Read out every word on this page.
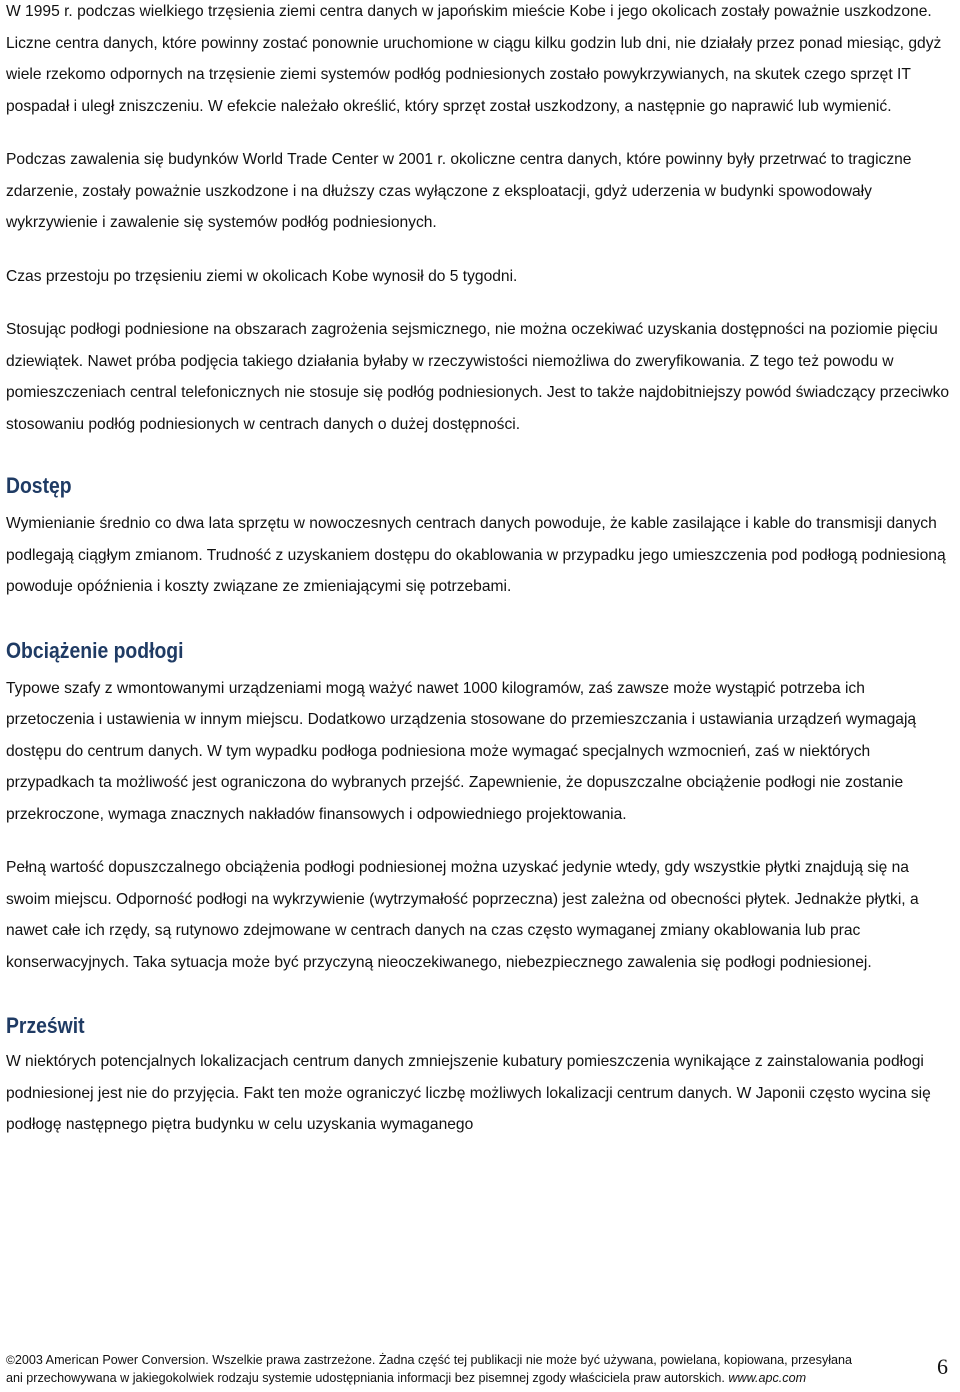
W 1995 r. podczas wielkiego trzęsienia ziemi centra danych w japońskim mieście Kobe i jego okolicach zostały poważnie uszkodzone. Liczne centra danych, które powinny zostać ponownie uruchomione w ciągu kilku godzin lub dni, nie działały przez ponad miesiąc, gdyż wiele rzekomo odpornych na trzęsienie ziemi systemów podłóg podniesionych zostało powykrzywianych, na skutek czego sprzęt IT pospadał i uległ zniszczeniu. W efekcie należało określić, który sprzęt został uszkodzony, a następnie go naprawić lub wymienić.

Podczas zawalenia się budynków World Trade Center w 2001 r. okoliczne centra danych, które powinny były przetrwać to tragiczne zdarzenie, zostały poważnie uszkodzone i na dłuższy czas wyłączone z eksploatacji, gdyż uderzenia w budynki spowodowały wykrzywienie i zawalenie się systemów podłóg podniesionych.

Czas przestoju po trzęsieniu ziemi w okolicach Kobe wynosił do 5 tygodni.

Stosując podłogi podniesione na obszarach zagrożenia sejsmicznego, nie można oczekiwać uzyskania dostępności na poziomie pięciu dziewiątek. Nawet próba podjęcia takiego działania byłaby w rzeczywistości niemożliwa do zweryfikowania. Z tego też powodu w pomieszczeniach central telefonicznych nie stosuje się podłóg podniesionych. Jest to także najdobitniejszy powód świadczący przeciwko stosowaniu podłóg podniesionych w centrach danych o dużej dostępności.

Dostęp

Wymienianie średnio co dwa lata sprzętu w nowoczesnych centrach danych powoduje, że kable zasilające i kable do transmisji danych podlegają ciągłym zmianom. Trudność z uzyskaniem dostępu do okablowania w przypadku jego umieszczenia pod podłogą podniesioną powoduje opóźnienia i koszty związane ze zmieniającymi się potrzebami.

Obciążenie podłogi

Typowe szafy z wmontowanymi urządzeniami mogą ważyć nawet 1000 kilogramów, zaś zawsze może wystąpić potrzeba ich przetoczenia i ustawienia w innym miejscu. Dodatkowo urządzenia stosowane do przemieszczania i ustawiania urządzeń wymagają dostępu do centrum danych. W tym wypadku podłoga podniesiona może wymagać specjalnych wzmocnień, zaś w niektórych przypadkach ta możliwość jest ograniczona do wybranych przejść. Zapewnienie, że dopuszczalne obciążenie podłogi nie zostanie przekroczone, wymaga znacznych nakładów finansowych i odpowiedniego projektowania.

Pełną wartość dopuszczalnego obciążenia podłogi podniesionej można uzyskać jedynie wtedy, gdy wszystkie płytki znajdują się na swoim miejscu. Odporność podłogi na wykrzywienie (wytrzymałość poprzeczna) jest zależna od obecności płytek. Jednakże płytki, a nawet całe ich rzędy, są rutynowo zdejmowane w centrach danych na czas często wymaganej zmiany okablowania lub prac konserwacyjnych. Taka sytuacja może być przyczyną nieoczekiwanego, niebezpiecznego zawalenia się podłogi podniesionej.

Prześwit

W niektórych potencjalnych lokalizacjach centrum danych zmniejszenie kubatury pomieszczenia wynikające z zainstalowania podłogi podniesionej jest nie do przyjęcia. Fakt ten może ograniczyć liczbę możliwych lokalizacji centrum danych. W Japonii często wycina się podłogę następnego piętra budynku w celu uzyskania wymaganego

©2003 American Power Conversion. Wszelkie prawa zastrzeżone. Żadna część tej publikacji nie może być używana, powielana, kopiowana, przesyłana
ani przechowywana w jakiegokolwiek rodzaju systemie udostępniania informacji bez pisemnej zgody właściciela praw autorskich. www.apc.com	6
